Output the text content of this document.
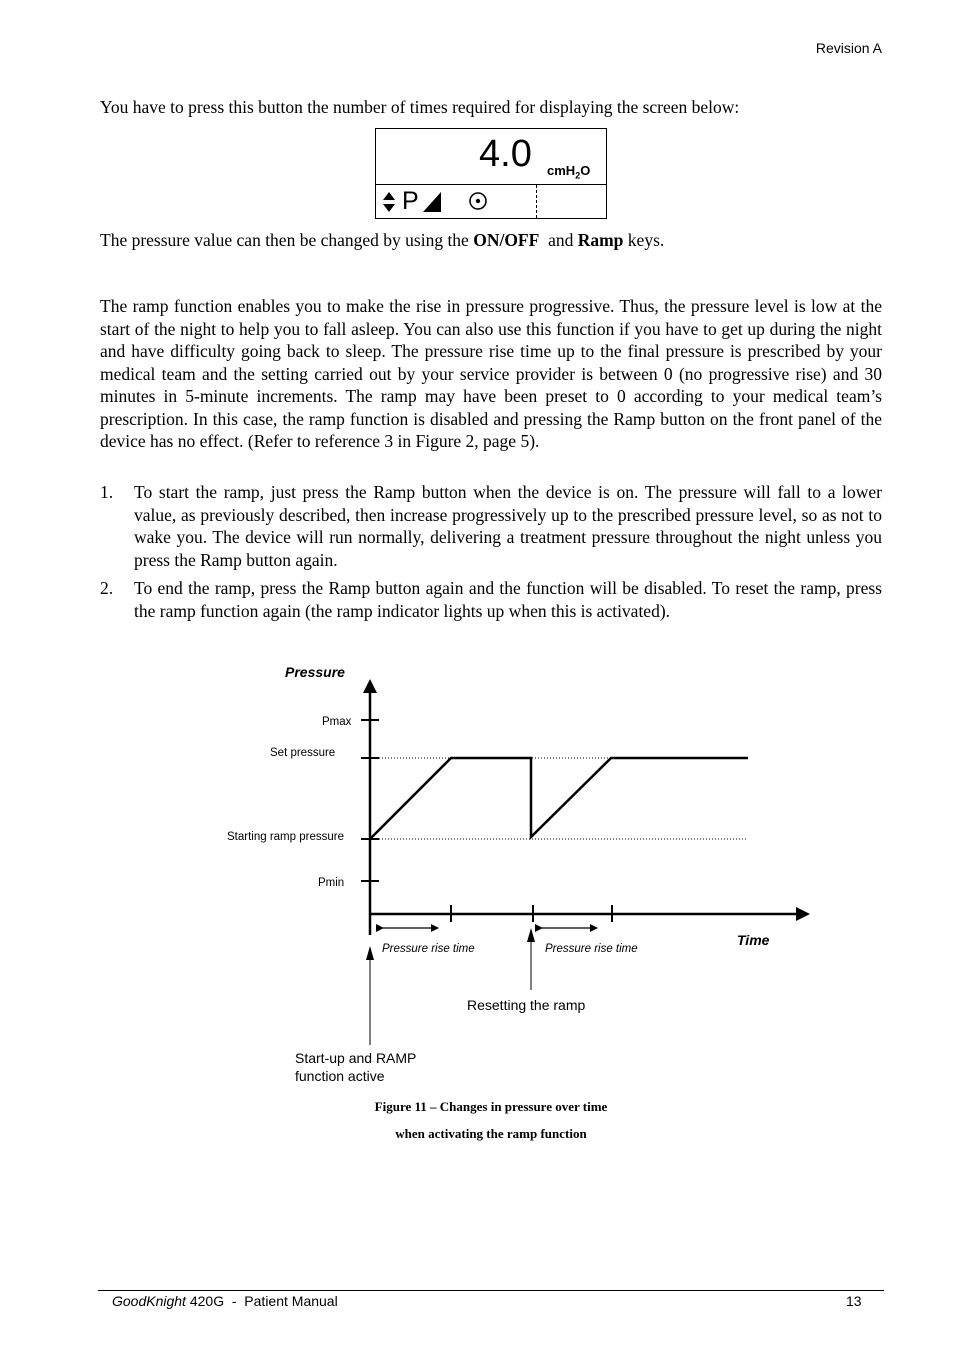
Revision A
You have to press this button the number of times required for displaying the screen below:
4.0 cmH$_2$O
P
The pressure value can then be changed by using the ON/OFF  and Ramp keys.
The ramp function enables you to make the rise in pressure progressive. Thus, the pressure level is low at the start of the night to help you to fall asleep. You can also use this function if you have to get up during the night and have difficulty going back to sleep. The pressure rise time up to the final pressure is prescribed by your medical team and the setting carried out by your service provider is between 0 (no progressive rise) and 30 minutes in 5-minute increments. The ramp may have been preset to 0 according to your medical team’s prescription. In this case, the ramp function is disabled and pressing the Ramp button on the front panel of the device has no effect. (Refer to reference 3 in Figure 2, page 5).
1. To start the ramp, just press the Ramp button when the device is on. The pressure will fall to a lower value, as previously described, then increase progressively up to the prescribed pressure level, so as not to wake you. The device will run normally, delivering a treatment pressure throughout the night unless you press the Ramp button again.
2. To end the ramp, press the Ramp button again and the function will be disabled. To reset the ramp, press the ramp function again (the ramp indicator lights up when this is activated).
Pressure
Pmax
Set pressure
Starting ramp pressure
Pmin
Pressure rise time	Pressure rise time
Time
Resetting the ramp
Start-up and RAMP
function active
Figure 11 – Changes in pressure over time
when activating the ramp function
GoodKnight 420G  -  Patient Manual	13
